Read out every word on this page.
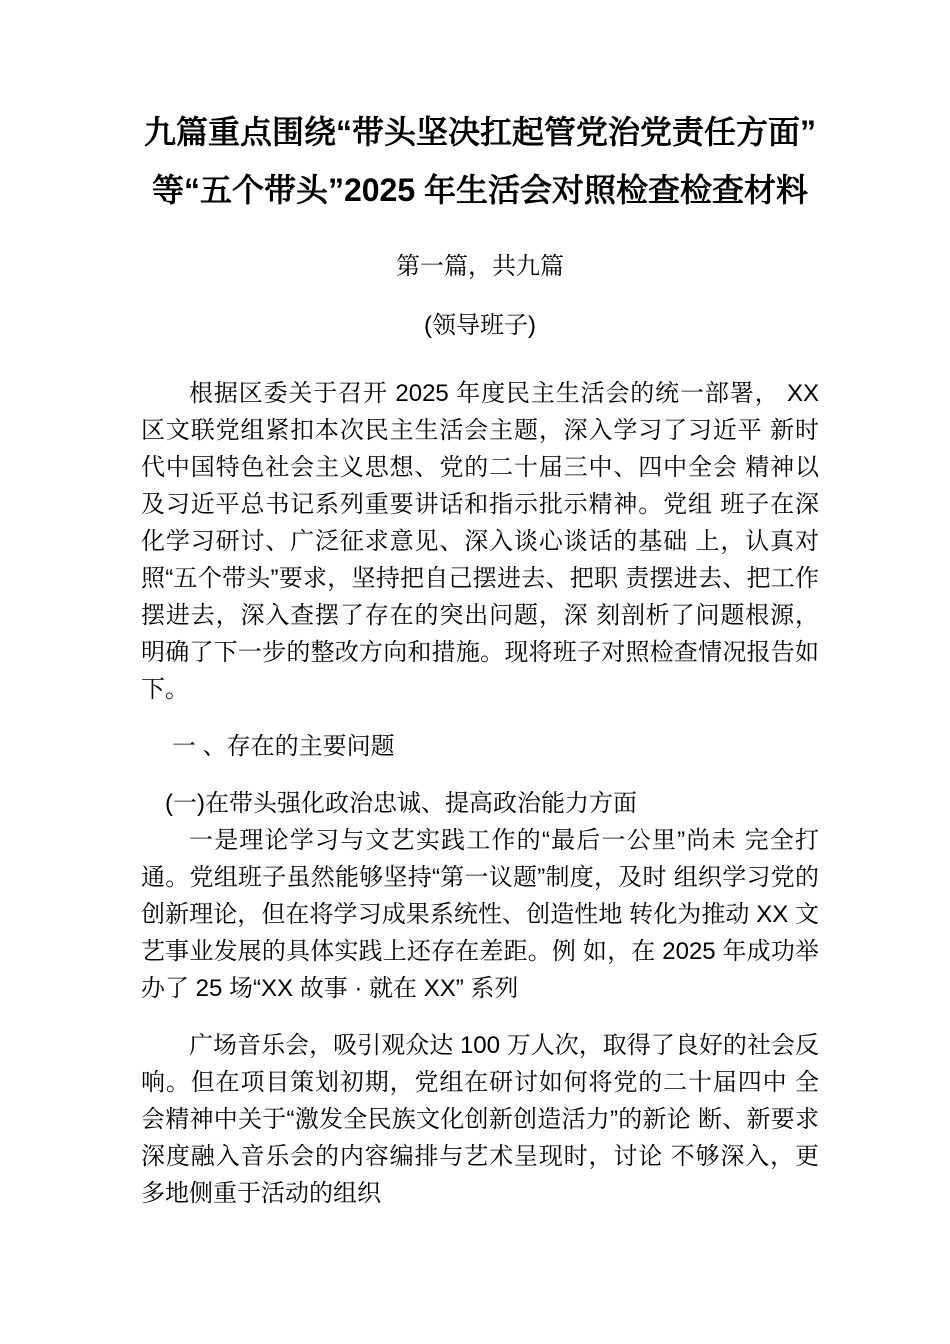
九篇重点围绕“带头坚决扛起管党治党责任方面”等“五个带头”2025 年生活会对照检查检查材料

第一篇，共九篇

(领导班子)

根据区委关于召开 2025 年度民主生活会的统一部署， XX 区文联党组紧扣本次民主生活会主题，深入学习了习近平 新时代中国特色社会主义思想、党的二十届三中、四中全会 精神以及习近平总书记系列重要讲话和指示批示精神。党组 班子在深化学习研讨、广泛征求意见、深入谈心谈话的基础 上，认真对照“五个带头”要求，坚持把自己摆进去、把职 责摆进去、把工作摆进去，深入查摆了存在的突出问题，深 刻剖析了问题根源，明确了下一步的整改方向和措施。现将班子对照检查情况报告如下。

一 、存在的主要问题

(一)在带头强化政治忠诚、提高政治能力方面

一是理论学习与文艺实践工作的“最后一公里”尚未 完全打通。党组班子虽然能够坚持“第一议题”制度，及时 组织学习党的创新理论，但在将学习成果系统性、创造性地 转化为推动 XX 文艺事业发展的具体实践上还存在差距。例 如，在 2025 年成功举办了 25 场“XX 故事 · 就在 XX” 系列

广场音乐会，吸引观众达 100 万人次，取得了良好的社会反 响。但在项目策划初期，党组在研讨如何将党的二十届四中 全会精神中关于“激发全民族文化创新创造活力”的新论 断、新要求深度融入音乐会的内容编排与艺术呈现时，讨论 不够深入，更多地侧重于活动的组织
